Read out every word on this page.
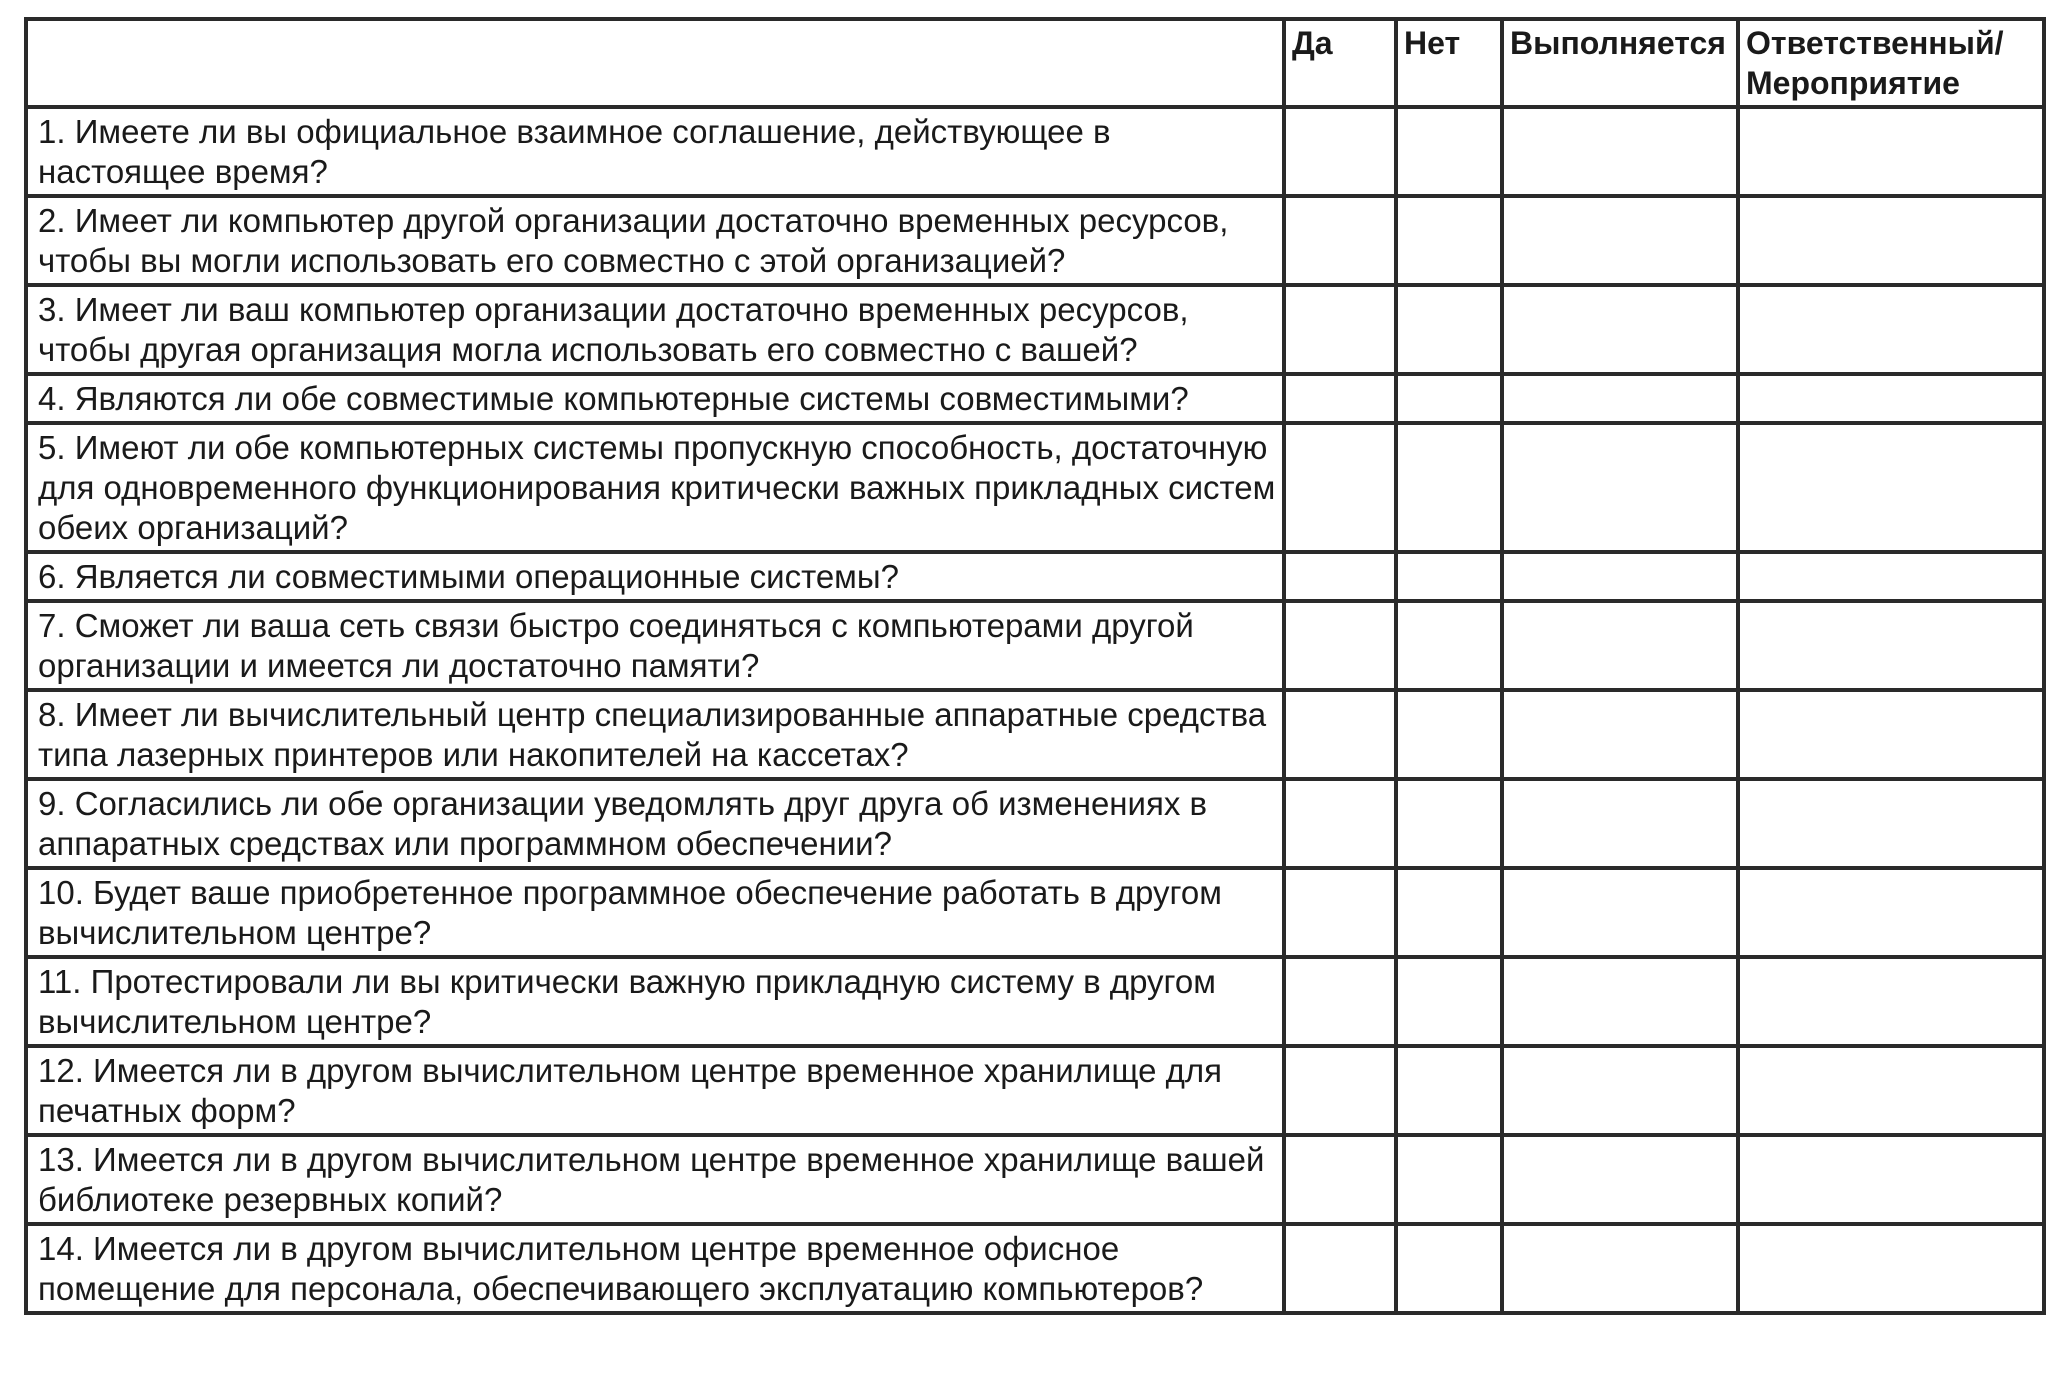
	Да	Нет	Выполняется	Ответственный/ Мероприятие
1. Имеете ли вы официальное взаимное соглашение, действующее в настоящее время?				
2. Имеет ли компьютер другой организации достаточно временных ресурсов, чтобы вы могли использовать его совместно с этой организацией?				
3. Имеет ли ваш компьютер организации достаточно временных ресурсов, чтобы другая организация могла использовать его совместно с вашей?				
4. Являются ли обе совместимые компьютерные системы совместимыми?				
5. Имеют ли обе компьютерных системы пропускную способность, достаточную для одновременного функционирования критически важных прикладных систем обеих организаций?				
6. Является ли совместимыми операционные системы?				
7. Сможет ли ваша сеть связи быстро соединяться с компьютерами другой организации и имеется ли достаточно памяти?				
8. Имеет ли вычислительный центр специализированные аппаратные средства типа лазерных принтеров или накопителей на кассетах?				
9. Согласились ли обе организации уведомлять друг друга об изменениях в аппаратных средствах или программном обеспечении?				
10. Будет ваше приобретенное программное обеспечение работать в другом вычислительном центре?				
11. Протестировали ли вы критически важную прикладную систему в другом вычислительном центре?				
12. Имеется ли в другом вычислительном центре временное хранилище для печатных форм?				
13. Имеется ли в другом вычислительном центре временное хранилище вашей библиотеке резервных копий?				
14. Имеется ли в другом вычислительном центре временное офисное помещение для персонала, обеспечивающего эксплуатацию компьютеров?				
